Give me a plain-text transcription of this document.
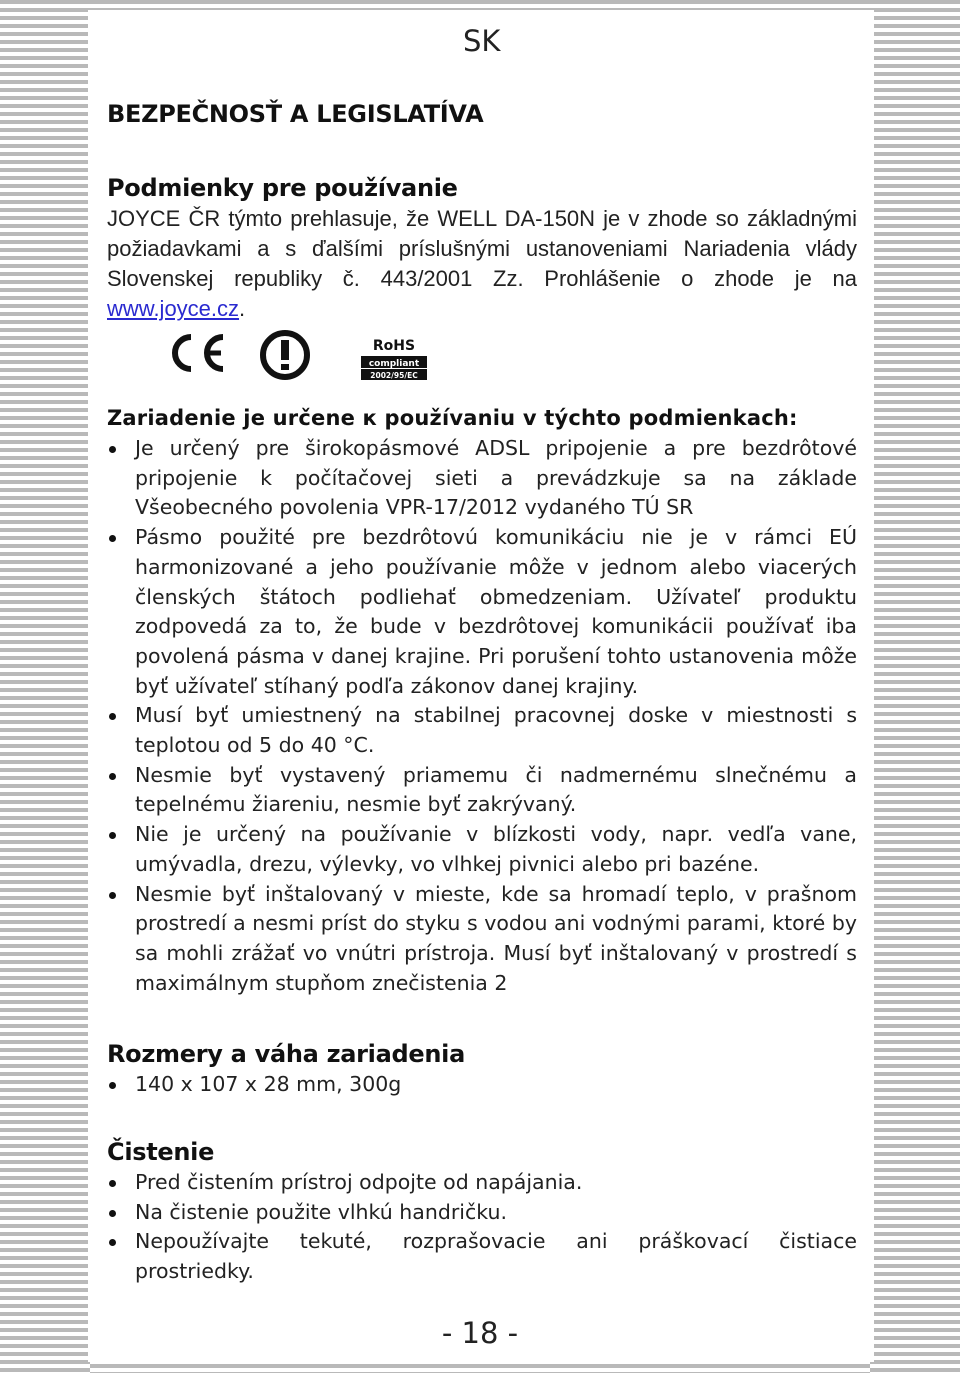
SK
BEZPEČNOSŤ A LEGISLATÍVA
Podmienky pre používanie

JOYCE ČR týmto prehlasuje, že WELL DA-150N je v zhode so základnými požiadavkami a s ďalšími príslušnými ustanoveniami Nariadenia vlády Slovenskej republiky č. 443/2001 Zz. Prohlášenie o zhode je na www.joyce.cz.

RoHS
compliant
2002/95/EC
Zariadenie je určene к používaniu v týchto podmienkach:
Je určený pre širokopásmové ADSL pripojenie a pre bezdrôtové pripojenie k počítačovej sieti a prevádzkuje sa na základe Všeobecného povolenia VPR-17/2012 vydaného TÚ SR
Pásmo použité pre bezdrôtovú komunikáciu nie je v rámci EÚ harmonizované a jeho používanie môže v jednom alebo viacerých členských štátoch podliehať obmedzeniam. Užívateľ produktu zodpovedá za to, že bude v bezdrôtovej komunikácii používať iba povolená pásma v danej krajine. Pri porušení tohto ustanovenia môže byť užívateľ stíhaný podľa zákonov danej krajiny.
Musí byť umiestnený na stabilnej pracovnej doske v miestnosti s teplotou od 5 do 40 °C.
Nesmie byť vystavený priamemu či nadmernému slnečnému a tepelnému žiareniu, nesmie byť zakrývaný.
Nie je určený na používanie v blízkosti vody, napr. vedľa vane, umývadla, drezu, výlevky, vo vlhkej pivnici alebo pri bazéne.
Nesmie byť inštalovaný v mieste, kde sa hromadí teplo, v prašnom prostredí a nesmi príst do styku s vodou ani vodnými parami, ktoré by sa mohli zrážať vo vnútri prístroja. Musí byť inštalovaný v prostredí s maximálnym stupňom znečistenia 2
Rozmery a váha zariadenia
140 x 107 x 28 mm, 300g
Čistenie
Pred čistením prístroj odpojte od napájania.
Na čistenie použite vlhkú handričku.
Nepoužívajte tekuté, rozprašovacie ani práškovací čistiace prostriedky.
- 18 -
